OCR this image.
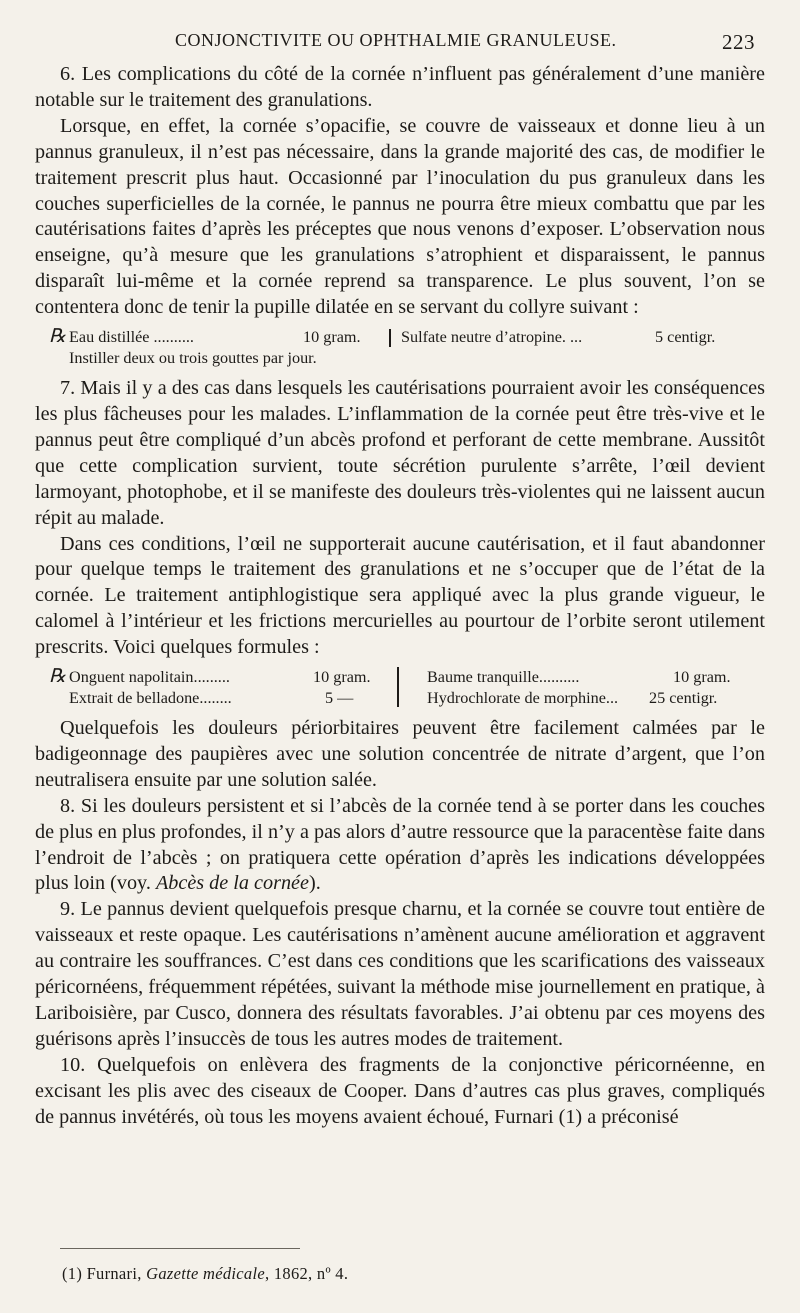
CONJONCTIVITE OU OPHTHALMIE GRANULEUSE.	223

6. Les complications du côté de la cornée n’influent pas généralement d’une manière notable sur le traitement des granulations.

Lorsque, en effet, la cornée s’opacifie, se couvre de vaisseaux et donne lieu à un pannus granuleux, il n’est pas nécessaire, dans la grande majorité des cas, de modifier le traitement prescrit plus haut. Occasionné par l’inoculation du pus granuleux dans les couches superficielles de la cornée, le pannus ne pourra être mieux combattu que par les cautérisations faites d’après les préceptes que nous venons d’exposer. L’observation nous enseigne, qu’à mesure que les granulations s’atrophient et disparaissent, le pannus disparaît lui-même et la cornée reprend sa transparence. Le plus souvent, l’on se contentera donc de tenir la pupille dilatée en se servant du collyre suivant :

℞ Eau distillée ..........	10 gram. Sulfate neutre d’atropine. ...	5 centigr.
Instiller deux ou trois gouttes par jour.

7. Mais il y a des cas dans lesquels les cautérisations pourraient avoir les conséquences les plus fâcheuses pour les malades. L’inflammation de la cornée peut être très-vive et le pannus peut être compliqué d’un abcès profond et perforant de cette membrane. Aussitôt que cette complication survient, toute sécrétion purulente s’arrête, l’œil devient larmoyant, photophobe, et il se manifeste des douleurs très-violentes qui ne laissent aucun répit au malade.

Dans ces conditions, l’œil ne supporterait aucune cautérisation, et il faut abandonner pour quelque temps le traitement des granulations et ne s’occuper que de l’état de la cornée. Le traitement antiphlogistique sera appliqué avec la plus grande vigueur, le calomel à l’intérieur et les frictions mercurielles au pourtour de l’orbite seront utilement prescrits. Voici quelques formules :

℞ Onguent napolitain.........	10 gram.	Baume tranquille..........	10 gram.
Extrait de belladone........	5 —	Hydrochlorate de morphine... 25 centigr.

Quelquefois les douleurs périorbitaires peuvent être facilement calmées par le badigeonnage des paupières avec une solution concentrée de nitrate d’argent, que l’on neutralisera ensuite par une solution salée.

8. Si les douleurs persistent et si l’abcès de la cornée tend à se porter dans les couches de plus en plus profondes, il n’y a pas alors d’autre ressource que la paracentèse faite dans l’endroit de l’abcès ; on pratiquera cette opération d’après les indications développées plus loin (voy. Abcès de la cornée).

9. Le pannus devient quelquefois presque charnu, et la cornée se couvre tout entière de vaisseaux et reste opaque. Les cautérisations n’amènent aucune amélioration et aggravent au contraire les souffrances. C’est dans ces conditions que les scarifications des vaisseaux péricornéens, fréquemment répétées, suivant la méthode mise journellement en pratique, à Lariboisière, par Cusco, donnera des résultats favorables. J’ai obtenu par ces moyens des guérisons après l’insuccès de tous les autres modes de traitement.

10. Quelquefois on enlèvera des fragments de la conjonctive péricornéenne, en excisant les plis avec des ciseaux de Cooper. Dans d’autres cas plus graves, compliqués de pannus invétérés, où tous les moyens avaient échoué, Furnari (1) a préconisé

(1) Furnari, Gazette médicale, 1862, nº 4.
